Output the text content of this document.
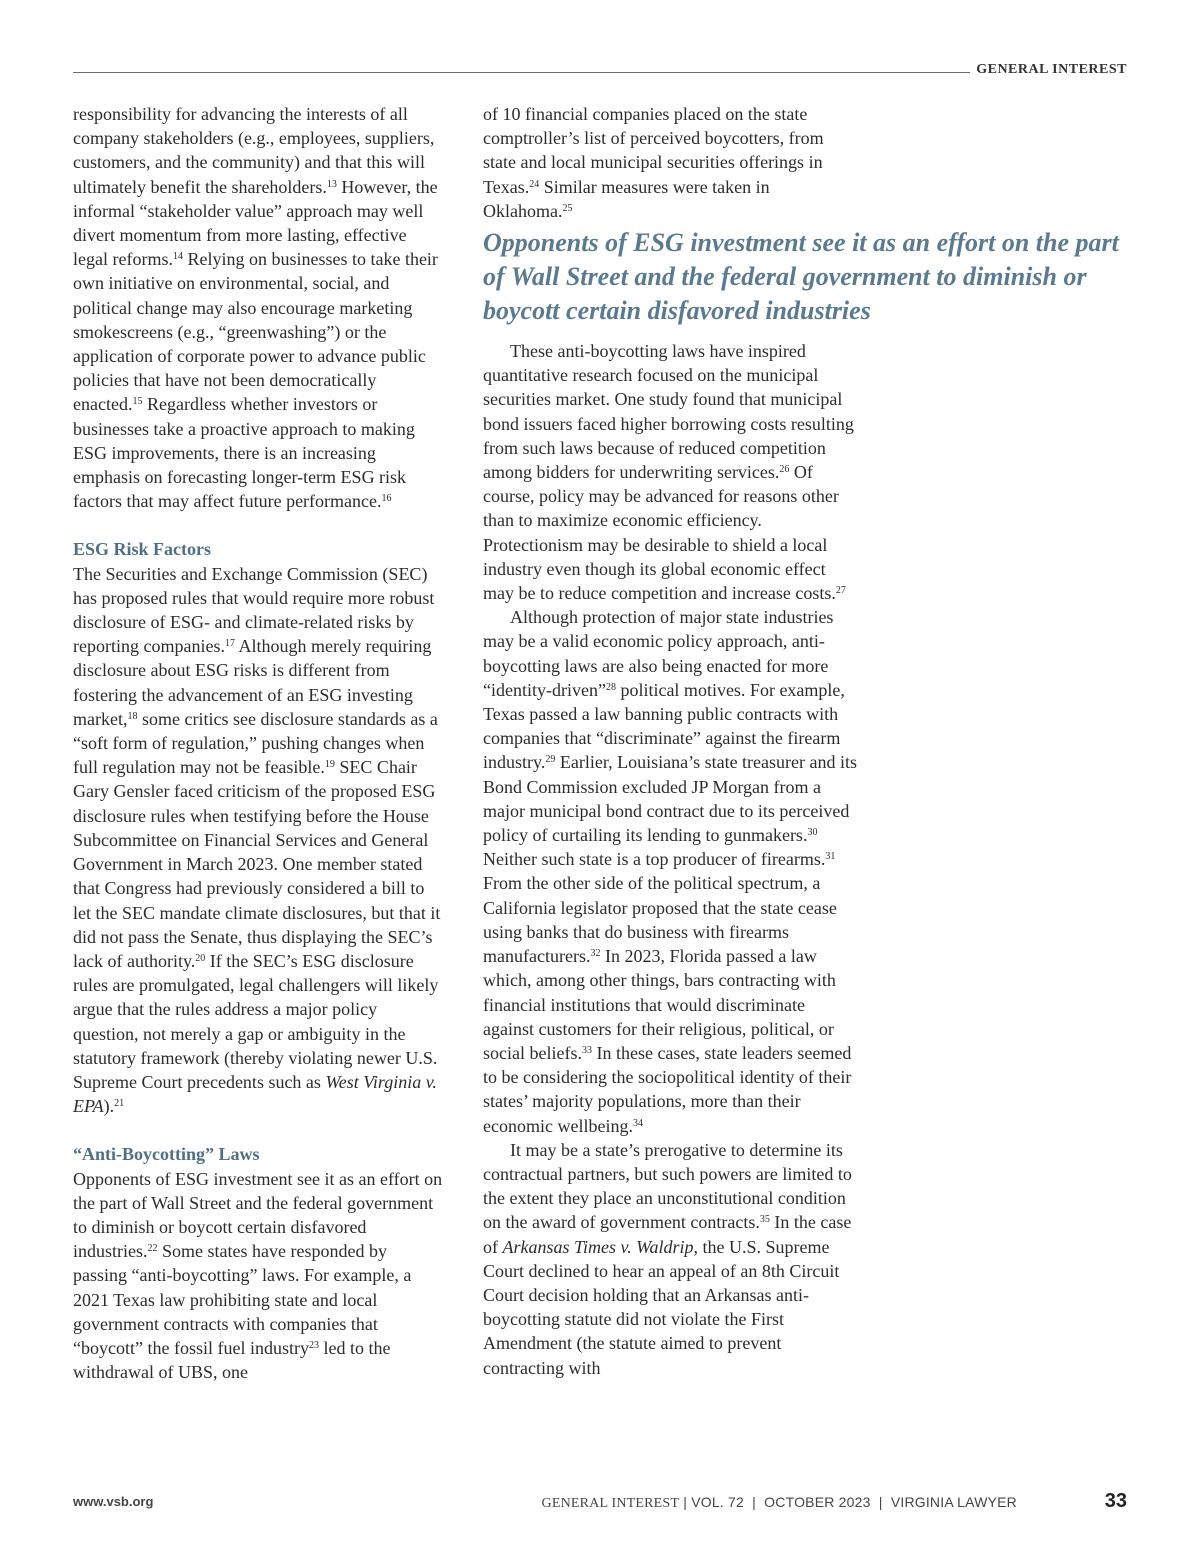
GENERAL INTEREST

responsibility for advancing the interests of all company stakeholders (e.g., employees, suppliers, customers, and the community) and that this will ultimately benefit the shareholders.$^{13}$ However, the informal “stakeholder value” approach may well divert momentum from more lasting, effective legal reforms.$^{14}$ Relying on businesses to take their own initiative on environmental, social, and political change may also encourage marketing smokescreens (e.g., “greenwashing”) or the application of corporate power to advance public policies that have not been democratically enacted.$^{15}$ Regardless whether investors or businesses take a proactive approach to making ESG improvements, there is an increasing emphasis on forecasting longer-term ESG risk factors that may affect future performance.$^{16}$

ESG Risk Factors

The Securities and Exchange Commission (SEC) has proposed rules that would require more robust disclosure of ESG- and climate-related risks by reporting companies.$^{17}$ Although merely requiring disclosure about ESG risks is different from fostering the advancement of an ESG investing market,$^{18}$ some critics see disclosure standards as a “soft form of regulation,” pushing changes when full regulation may not be feasible.$^{19}$ SEC Chair Gary Gensler faced criticism of the proposed ESG disclosure rules when testifying before the House Subcommittee on Financial Services and General Government in March 2023. One member stated that Congress had previously considered a bill to let the SEC mandate climate disclosures, but that it did not pass the Senate, thus displaying the SEC’s lack of authority.$^{20}$ If the SEC’s ESG disclosure rules are promulgated, legal challengers will likely argue that the rules address a major policy question, not merely a gap or ambiguity in the statutory framework (thereby violating newer U.S. Supreme Court precedents such as West Virginia v. EPA).$^{21}$

“Anti-Boycotting” Laws

Opponents of ESG investment see it as an effort on the part of Wall Street and the federal government to diminish or boycott certain disfavored industries.$^{22}$ Some states have responded by passing “anti-boycotting” laws. For example, a 2021 Texas law prohibiting state and local government contracts with companies that “boycott” the fossil fuel industry$^{23}$ led to the withdrawal of UBS, one

of 10 financial companies placed on the state comptroller’s list of perceived boycotters, from state and local municipal securities offerings in Texas.$^{24}$ Similar measures were taken in Oklahoma.$^{25}$

These anti-boycotting laws have inspired quantitative research focused on the municipal securities market. One study found that municipal bond issuers faced higher borrowing costs resulting from such laws because of reduced competition among bidders for underwriting services.$^{26}$ Of course, policy may be advanced for reasons other than to maximize economic efficiency. Protectionism may be desirable to shield a local industry even though its global economic effect may be to reduce competition and increase costs.$^{27}$

Although protection of major state industries may be a valid economic policy approach, anti-boycotting laws are also being enacted for more “identity-driven”$^{28}$ political motives. For example, Texas passed a law banning public contracts with companies that “discriminate” against the firearm industry.$^{29}$ Earlier, Louisiana’s state treasurer and its Bond Commission excluded JP Morgan from a major municipal bond contract due to its perceived policy of curtailing its lending to gunmakers.$^{30}$ Neither such state is a top producer of firearms.$^{31}$ From the other side of the political spectrum, a California legislator proposed that the state cease using banks that do business with firearms manufacturers.$^{32}$ In 2023, Florida passed a law which, among other things, bars contracting with financial institutions that would discriminate against customers for their religious, political, or social beliefs.$^{33}$ In these cases, state leaders seemed to be considering the sociopolitical identity of their states’ majority populations, more than their economic wellbeing.$^{34}$

It may be a state’s prerogative to determine its contractual partners, but such powers are limited to the extent they place an unconstitutional condition on the award of government contracts.$^{35}$ In the case of Arkansas Times v. Waldrip, the U.S. Supreme Court declined to hear an appeal of an 8th Circuit Court decision holding that an Arkansas anti-boycotting statute did not violate the First Amendment (the statute aimed to prevent contracting with

Opponents of ESG investment see it as an effort on the part of Wall Street and the federal government to diminish or boycott certain disfavored industries

www.vsb.org	GENERAL INTEREST | VOL. 72 | OCTOBER 2023 | VIRGINIA LAWYER	33
